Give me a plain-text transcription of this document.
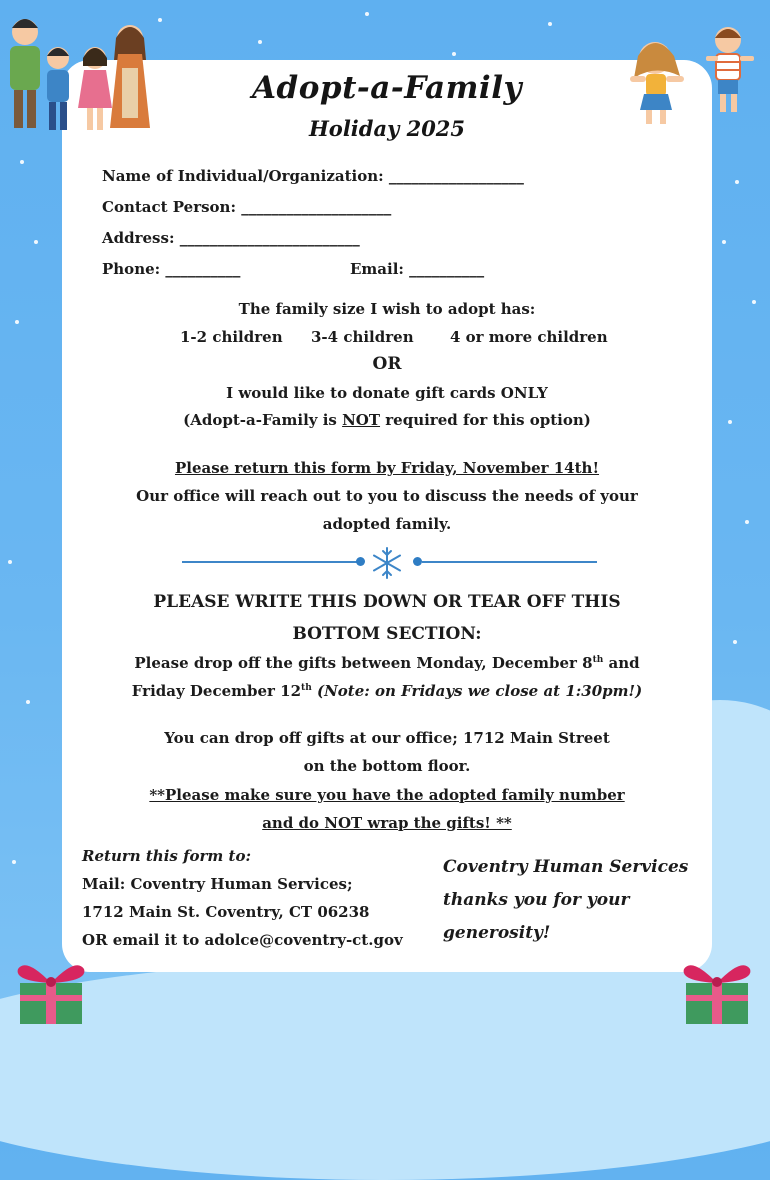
Adopt-a-Family
Holiday 2025
Name of Individual/Organization: __________________
Contact Person: ____________________
Address: ________________________
Phone: __________	Email: __________
The family size I wish to adopt has:
1-2 children 3-4 children 4 or more children
OR
I would like to donate gift cards ONLY
(Adopt-a-Family is NOT required for this option)
Please return this form by Friday, November 14th!
Our office will reach out to you to discuss the needs of your
adopted family.
PLEASE WRITE THIS DOWN OR TEAR OFF THIS
BOTTOM SECTION:
Please drop off the gifts between Monday, December 8th and
Friday December 12th (Note: on Fridays we close at 1:30pm!)
You can drop off gifts at our office; 1712 Main Street
on the bottom floor.
**Please make sure you have the adopted family number
and do NOT wrap the gifts! **
Return this form to:
Mail: Coventry Human Services;
1712 Main St. Coventry, CT 06238
OR email it to adolce@coventry-ct.gov
Coventry Human Services
thanks you for your
generosity!
